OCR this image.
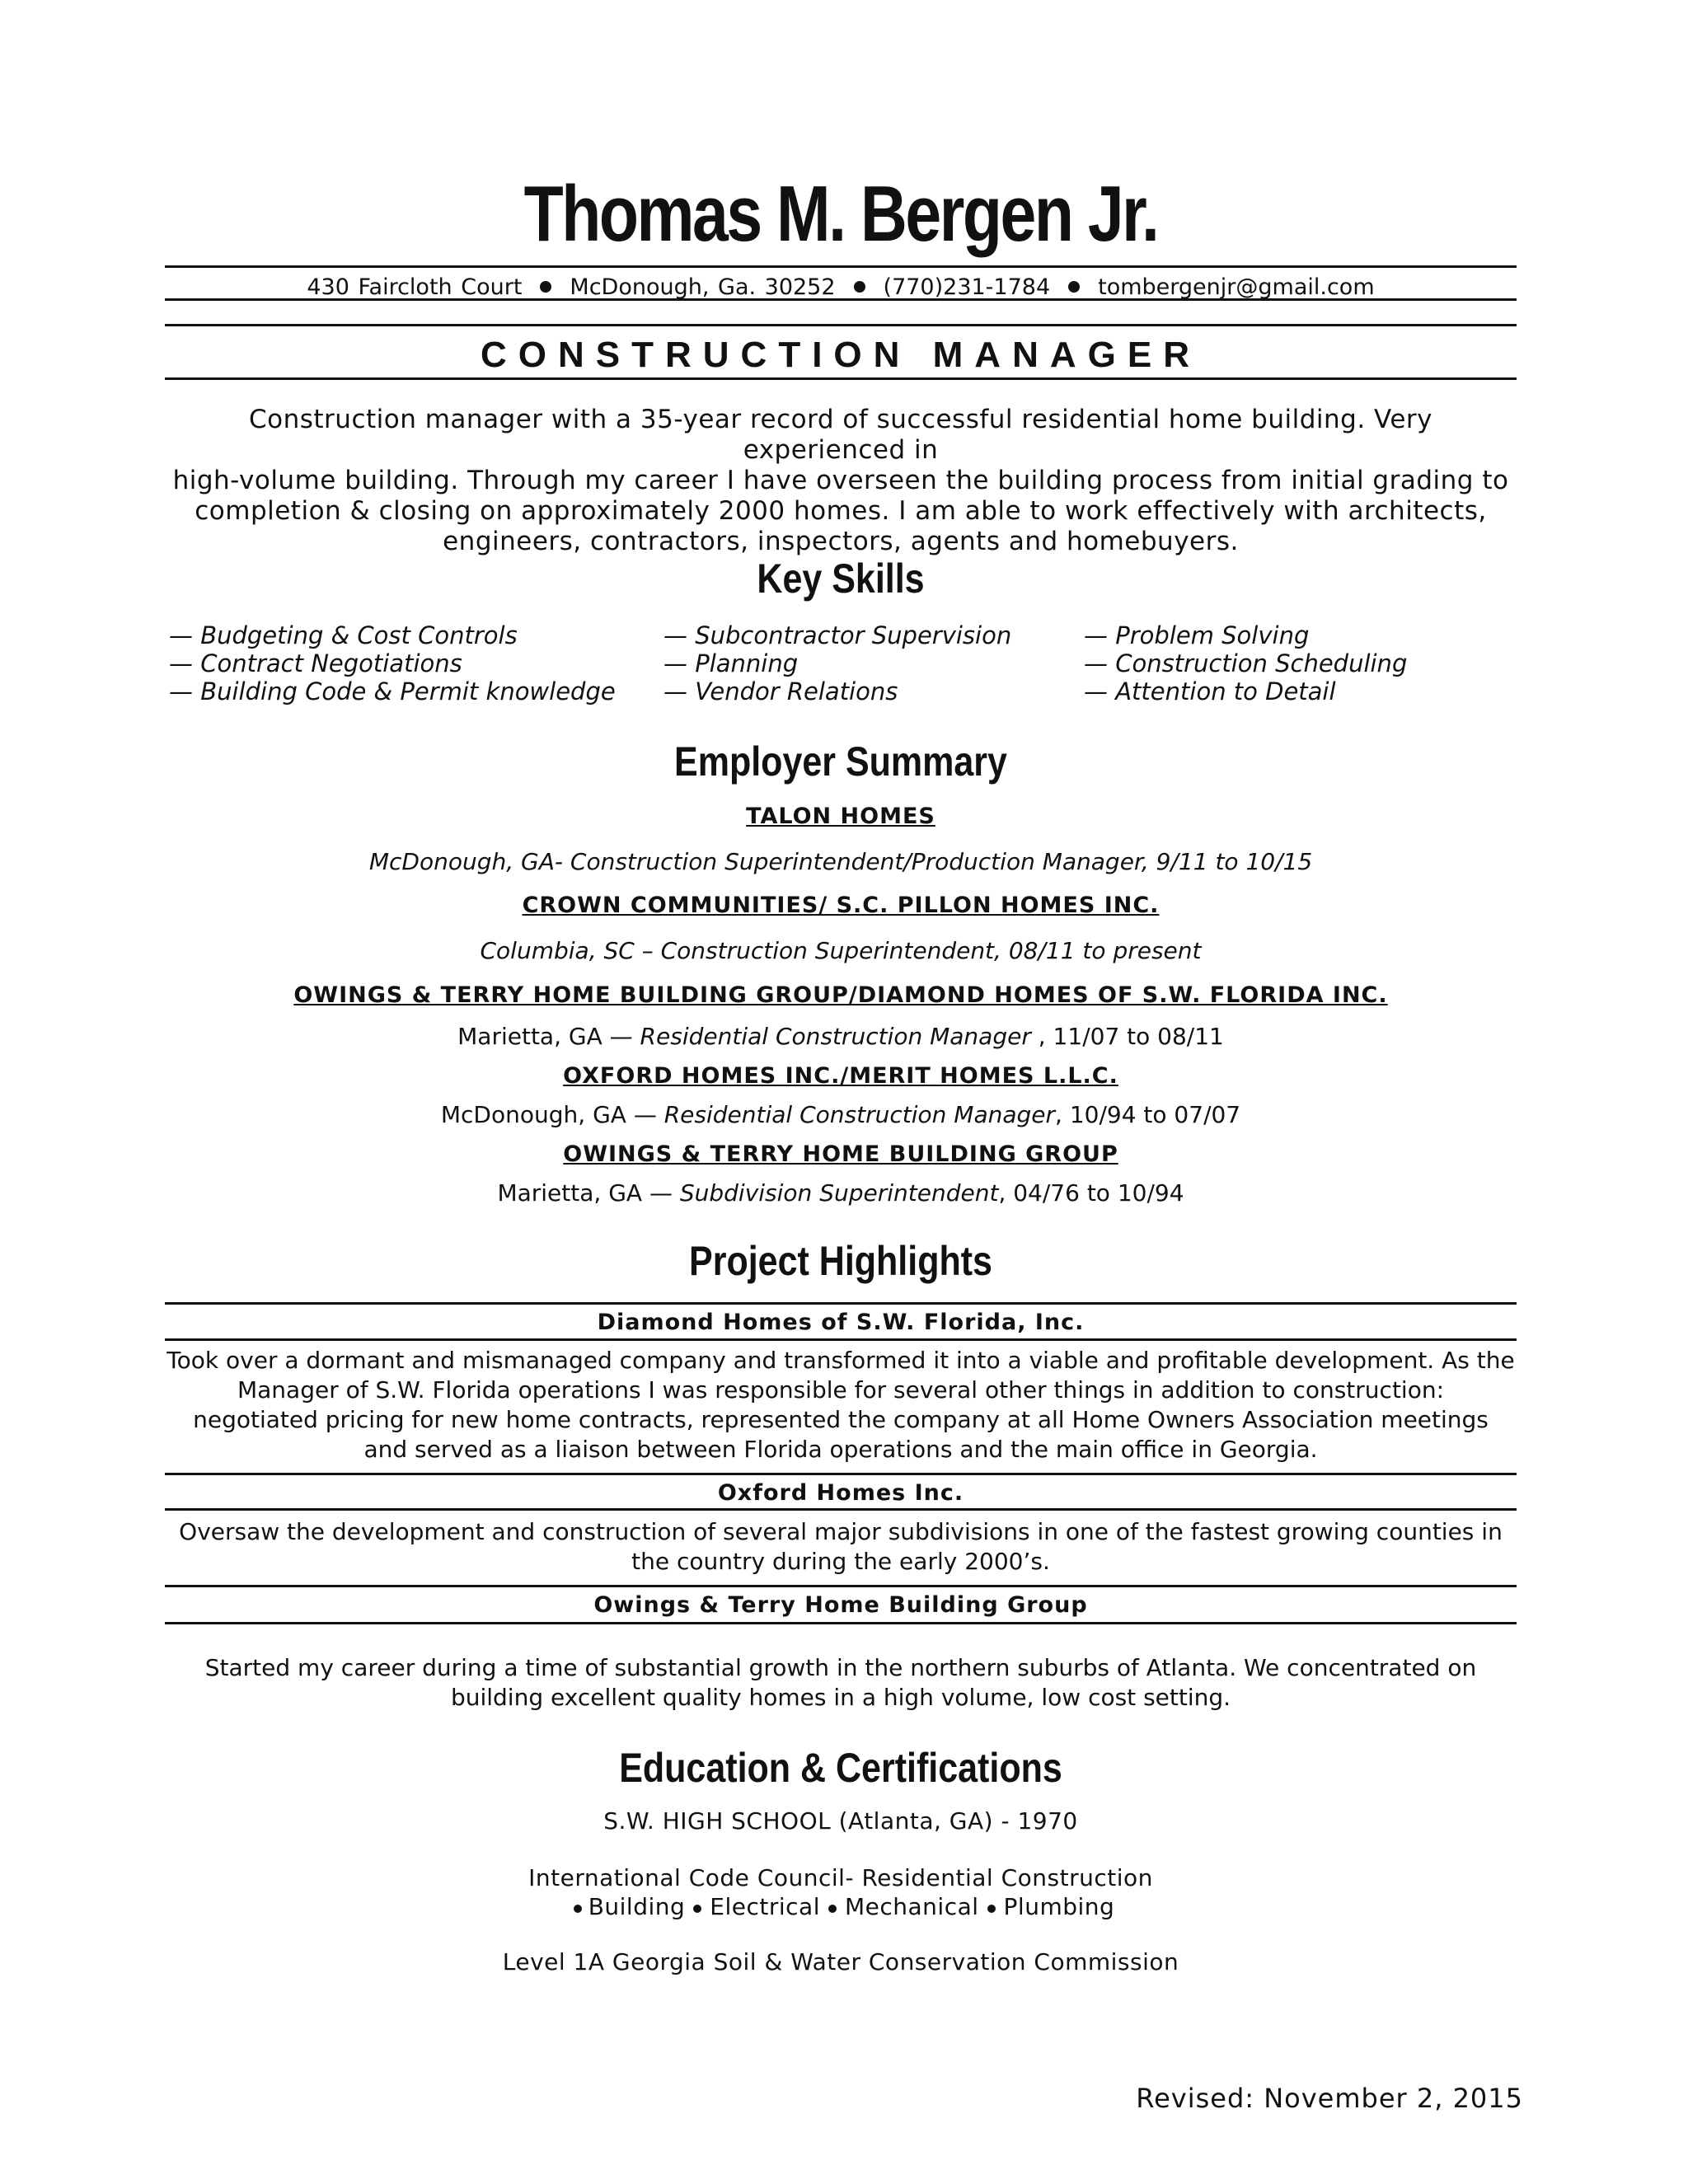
Thomas M. Bergen Jr.
430 Faircloth Court McDonough, Ga. 30252 (770)231-1784 tombergenjr@gmail.com
CONSTRUCTION MANAGER
Construction manager with a 35-year record of successful residential home building. Very experienced in
high-volume building. Through my career I have overseen the building process from initial grading to
completion & closing on approximately 2000 homes. I am able to work effectively with architects,
engineers, contractors, inspectors, agents and homebuyers.
Key Skills
— Budgeting & Cost Controls
— Contract Negotiations
— Building Code & Permit knowledge
— Subcontractor Supervision
— Planning
— Vendor Relations
— Problem Solving
— Construction Scheduling
— Attention to Detail
Employer Summary
TALON HOMES
McDonough, GA- Construction Superintendent/Production Manager, 9/11 to 10/15
CROWN COMMUNITIES/ S.C. PILLON HOMES INC.
Columbia, SC – Construction Superintendent, 08/11 to present
OWINGS & TERRY HOME BUILDING GROUP/DIAMOND HOMES OF S.W. FLORIDA INC.
Marietta, GA — Residential Construction Manager , 11/07 to 08/11
OXFORD HOMES INC./MERIT HOMES L.L.C.
McDonough, GA — Residential Construction Manager, 10/94 to 07/07
OWINGS & TERRY HOME BUILDING GROUP
Marietta, GA — Subdivision Superintendent, 04/76 to 10/94
Project Highlights
Diamond Homes of S.W. Florida, Inc.
Took over a dormant and mismanaged company and transformed it into a viable and profitable development. As the
Manager of S.W. Florida operations I was responsible for several other things in addition to construction:
negotiated pricing for new home contracts, represented the company at all Home Owners Association meetings
and served as a liaison between Florida operations and the main office in Georgia.
Oxford Homes Inc.
Oversaw the development and construction of several major subdivisions in one of the fastest growing counties in
the country during the early 2000’s.
Owings & Terry Home Building Group
Started my career during a time of substantial growth in the northern suburbs of Atlanta. We concentrated on
building excellent quality homes in a high volume, low cost setting.
Education & Certifications
S.W. HIGH SCHOOL (Atlanta, GA) - 1970
International Code Council- Residential Construction
Building Electrical Mechanical Plumbing
Level 1A Georgia Soil & Water Conservation Commission
Revised: November 2, 2015
